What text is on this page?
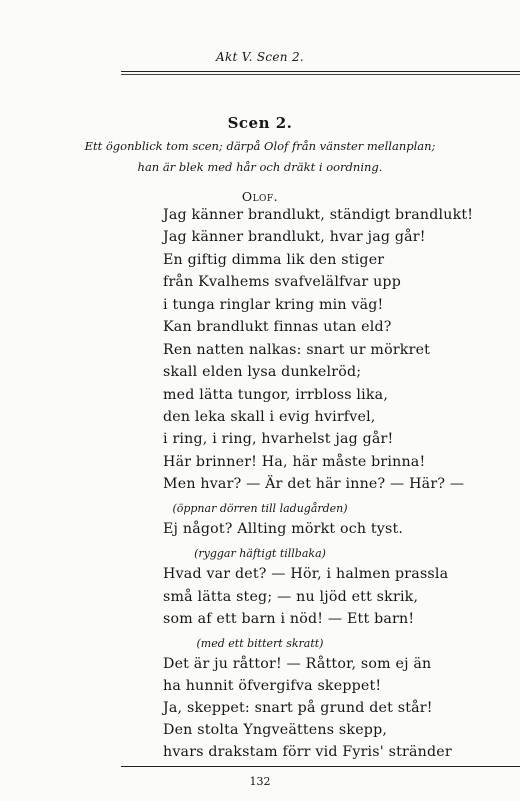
Akt V. Scen 2.
Scen 2.
Ett ögonblick tom scen; därpå Olof från vänster mellanplan;
han är blek med hår och dräkt i oordning.
Olof.
Jag känner brandlukt, ständigt brandlukt!
Jag känner brandlukt, hvar jag går!
En giftig dimma lik den stiger
från Kvalhems svafvelälfvar upp
i tunga ringlar kring min väg!
Kan brandlukt finnas utan eld?
Ren natten nalkas: snart ur mörkret
skall elden lysa dunkelröd;
med lätta tungor, irrbloss lika,
den leka skall i evig hvirfvel,
i ring, i ring, hvarhelst jag går!
Här brinner! Ha, här måste brinna!
Men hvar? — Är det här inne? — Här? —
(öppnar dörren till ladugården)
Ej något? Allting mörkt och tyst.
(ryggar häftigt tillbaka)
Hvad var det? — Hör, i halmen prassla
små lätta steg; — nu ljöd ett skrik,
som af ett barn i nöd! — Ett barn!
(med ett bittert skratt)
Det är ju råttor! — Råttor, som ej än
ha hunnit öfvergifva skeppet!
Ja, skeppet: snart på grund det står!
Den stolta Yngveättens skepp,
hvars drakstam förr vid Fyris' stränder
132
